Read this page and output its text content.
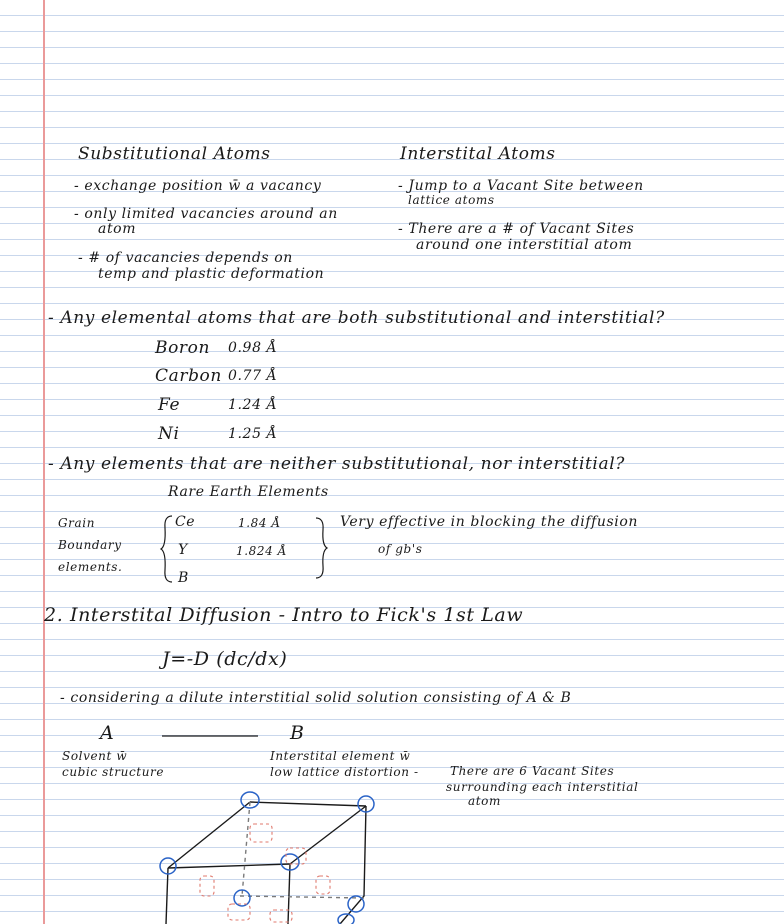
Substitutional Atoms
- exchange position w̄ a vacancy
- only limited vacancies around an
atom
- # of vacancies depends on
temp and plastic deformation
Interstital Atoms
- Jump to a Vacant Site between
lattice atoms
- There are a # of Vacant Sites
around one interstitial atom
- Any elemental atoms that are both substitutional and interstitial?
Boron 0.98 Å
Carbon 0.77 Å
Fe	1.24 Å
Ni	1.25 Å
- Any elements that are neither substitutional, nor interstitial?
Rare Earth Elements
Grain
Boundary
elements.
Ce	1.84 Å
Y	1.824 Å
B
Very effective in blocking the diffusion
of gb's
2. Interstital Diffusion - Intro to Fick's 1st Law
J=-D (dc/dx)
- considering a dilute interstitial solid solution consisting of A & B
A	B
Solvent w̄
cubic structure
Interstital element w̄
low lattice distortion -	There are 6 Vacant Sites
surrounding each interstitial
atom
